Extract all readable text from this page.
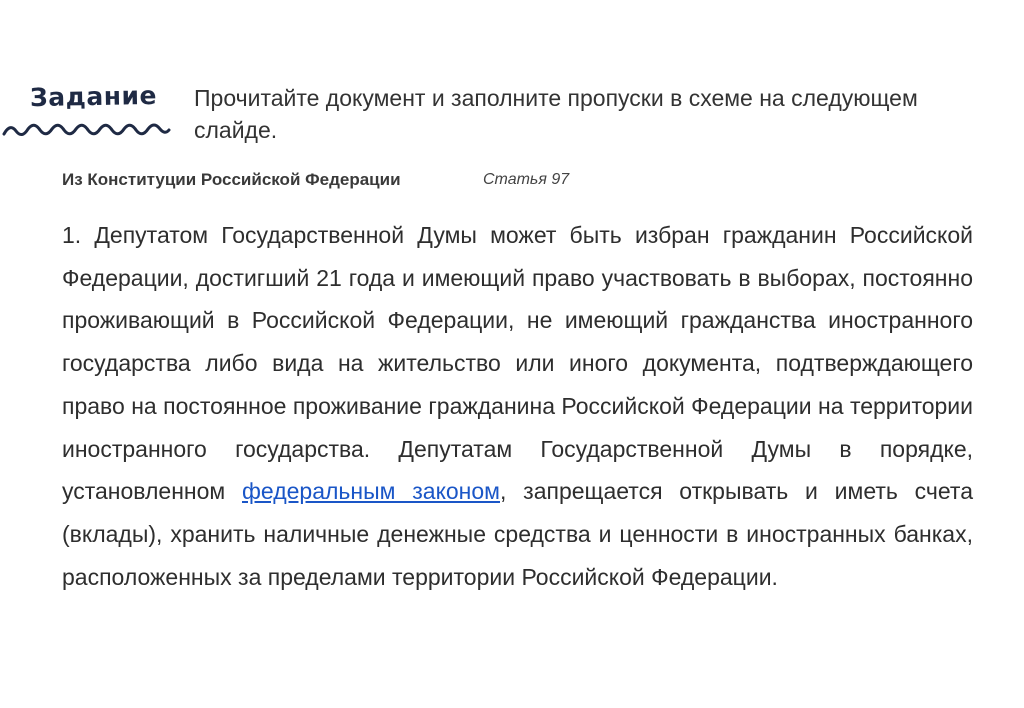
Задание Прочитайте документ и заполните пропуски в схеме на следующем слайде.
Из Конституции Российской Федерации	Статья 97

1. Депутатом Государственной Думы может быть избран гражданин Российской Федерации, достигший 21 года и имеющий право участвовать в выборах, постоянно проживающий в Российской Федерации, не имеющий гражданства иностранного государства либо вида на жительство или иного документа, подтверждающего право на постоянное проживание гражданина Российской Федерации на территории иностранного государства. Депутатам Государственной Думы в порядке, установленном федеральным законом, запрещается открывать и иметь счета (вклады), хранить наличные денежные средства и ценности в иностранных банках, расположенных за пределами территории Российской Федерации.
